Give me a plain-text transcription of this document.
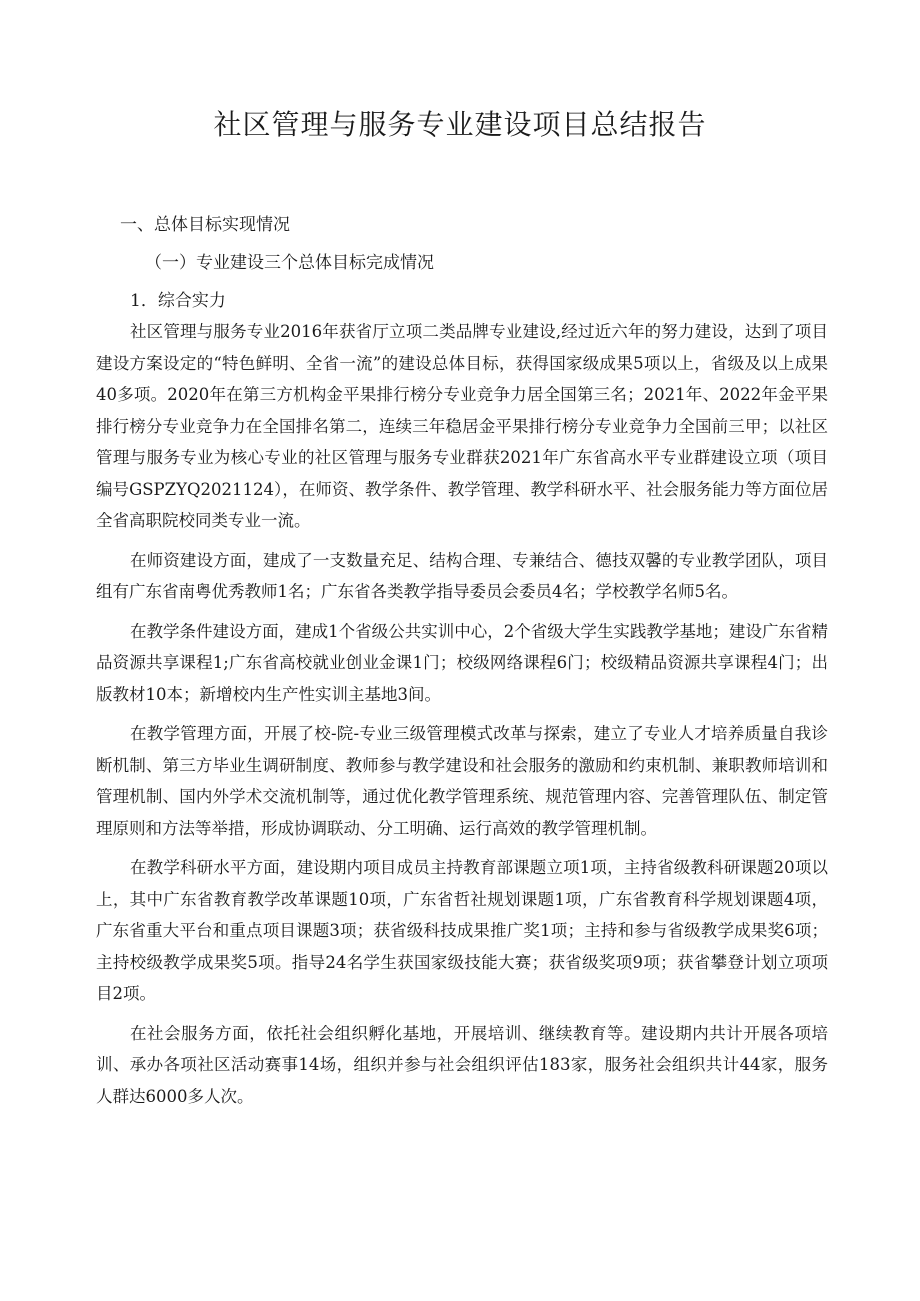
社区管理与服务专业建设项目总结报告
一、总体目标实现情况
（一）专业建设三个总体目标完成情况
1．综合实力

社区管理与服务专业2016年获省厅立项二类品牌专业建设,经过近六年的努力建设，达到了项目建设方案设定的“特色鲜明、全省一流”的建设总体目标，获得国家级成果5项以上，省级及以上成果40多项。2020年在第三方机构金平果排行榜分专业竞争力居全国第三名；2021年、2022年金平果排行榜分专业竞争力在全国排名第二，连续三年稳居金平果排行榜分专业竞争力全国前三甲；以社区管理与服务专业为核心专业的社区管理与服务专业群获2021年广东省高水平专业群建设立项（项目编号GSPZYQ2021124），在师资、教学条件、教学管理、教学科研水平、社会服务能力等方面位居全省高职院校同类专业一流。

在师资建设方面，建成了一支数量充足、结构合理、专兼结合、德技双馨的专业教学团队，项目组有广东省南粤优秀教师1名；广东省各类教学指导委员会委员4名；学校教学名师5名。

在教学条件建设方面，建成1个省级公共实训中心，2个省级大学生实践教学基地；建设广东省精品资源共享课程1;广东省高校就业创业金课1门；校级网络课程6门；校级精品资源共享课程4门；出版教材10本；新增校内生产性实训主基地3间。

在教学管理方面，开展了校-院-专业三级管理模式改革与探索，建立了专业人才培养质量自我诊断机制、第三方毕业生调研制度、教师参与教学建设和社会服务的激励和约束机制、兼职教师培训和管理机制、国内外学术交流机制等，通过优化教学管理系统、规范管理内容、完善管理队伍、制定管理原则和方法等举措，形成协调联动、分工明确、运行高效的教学管理机制。

在教学科研水平方面，建设期内项目成员主持教育部课题立项1项，主持省级教科研课题20项以上，其中广东省教育教学改革课题10项，广东省哲社规划课题1项，广东省教育科学规划课题4项，广东省重大平台和重点项目课题3项；获省级科技成果推广奖1项；主持和参与省级教学成果奖6项；主持校级教学成果奖5项。指导24名学生获国家级技能大赛；获省级奖项9项；获省攀登计划立项项目2项。

在社会服务方面，依托社会组织孵化基地，开展培训、继续教育等。建设期内共计开展各项培训、承办各项社区活动赛事14场，组织并参与社会组织评估183家，服务社会组织共计44家，服务人群达6000多人次。
